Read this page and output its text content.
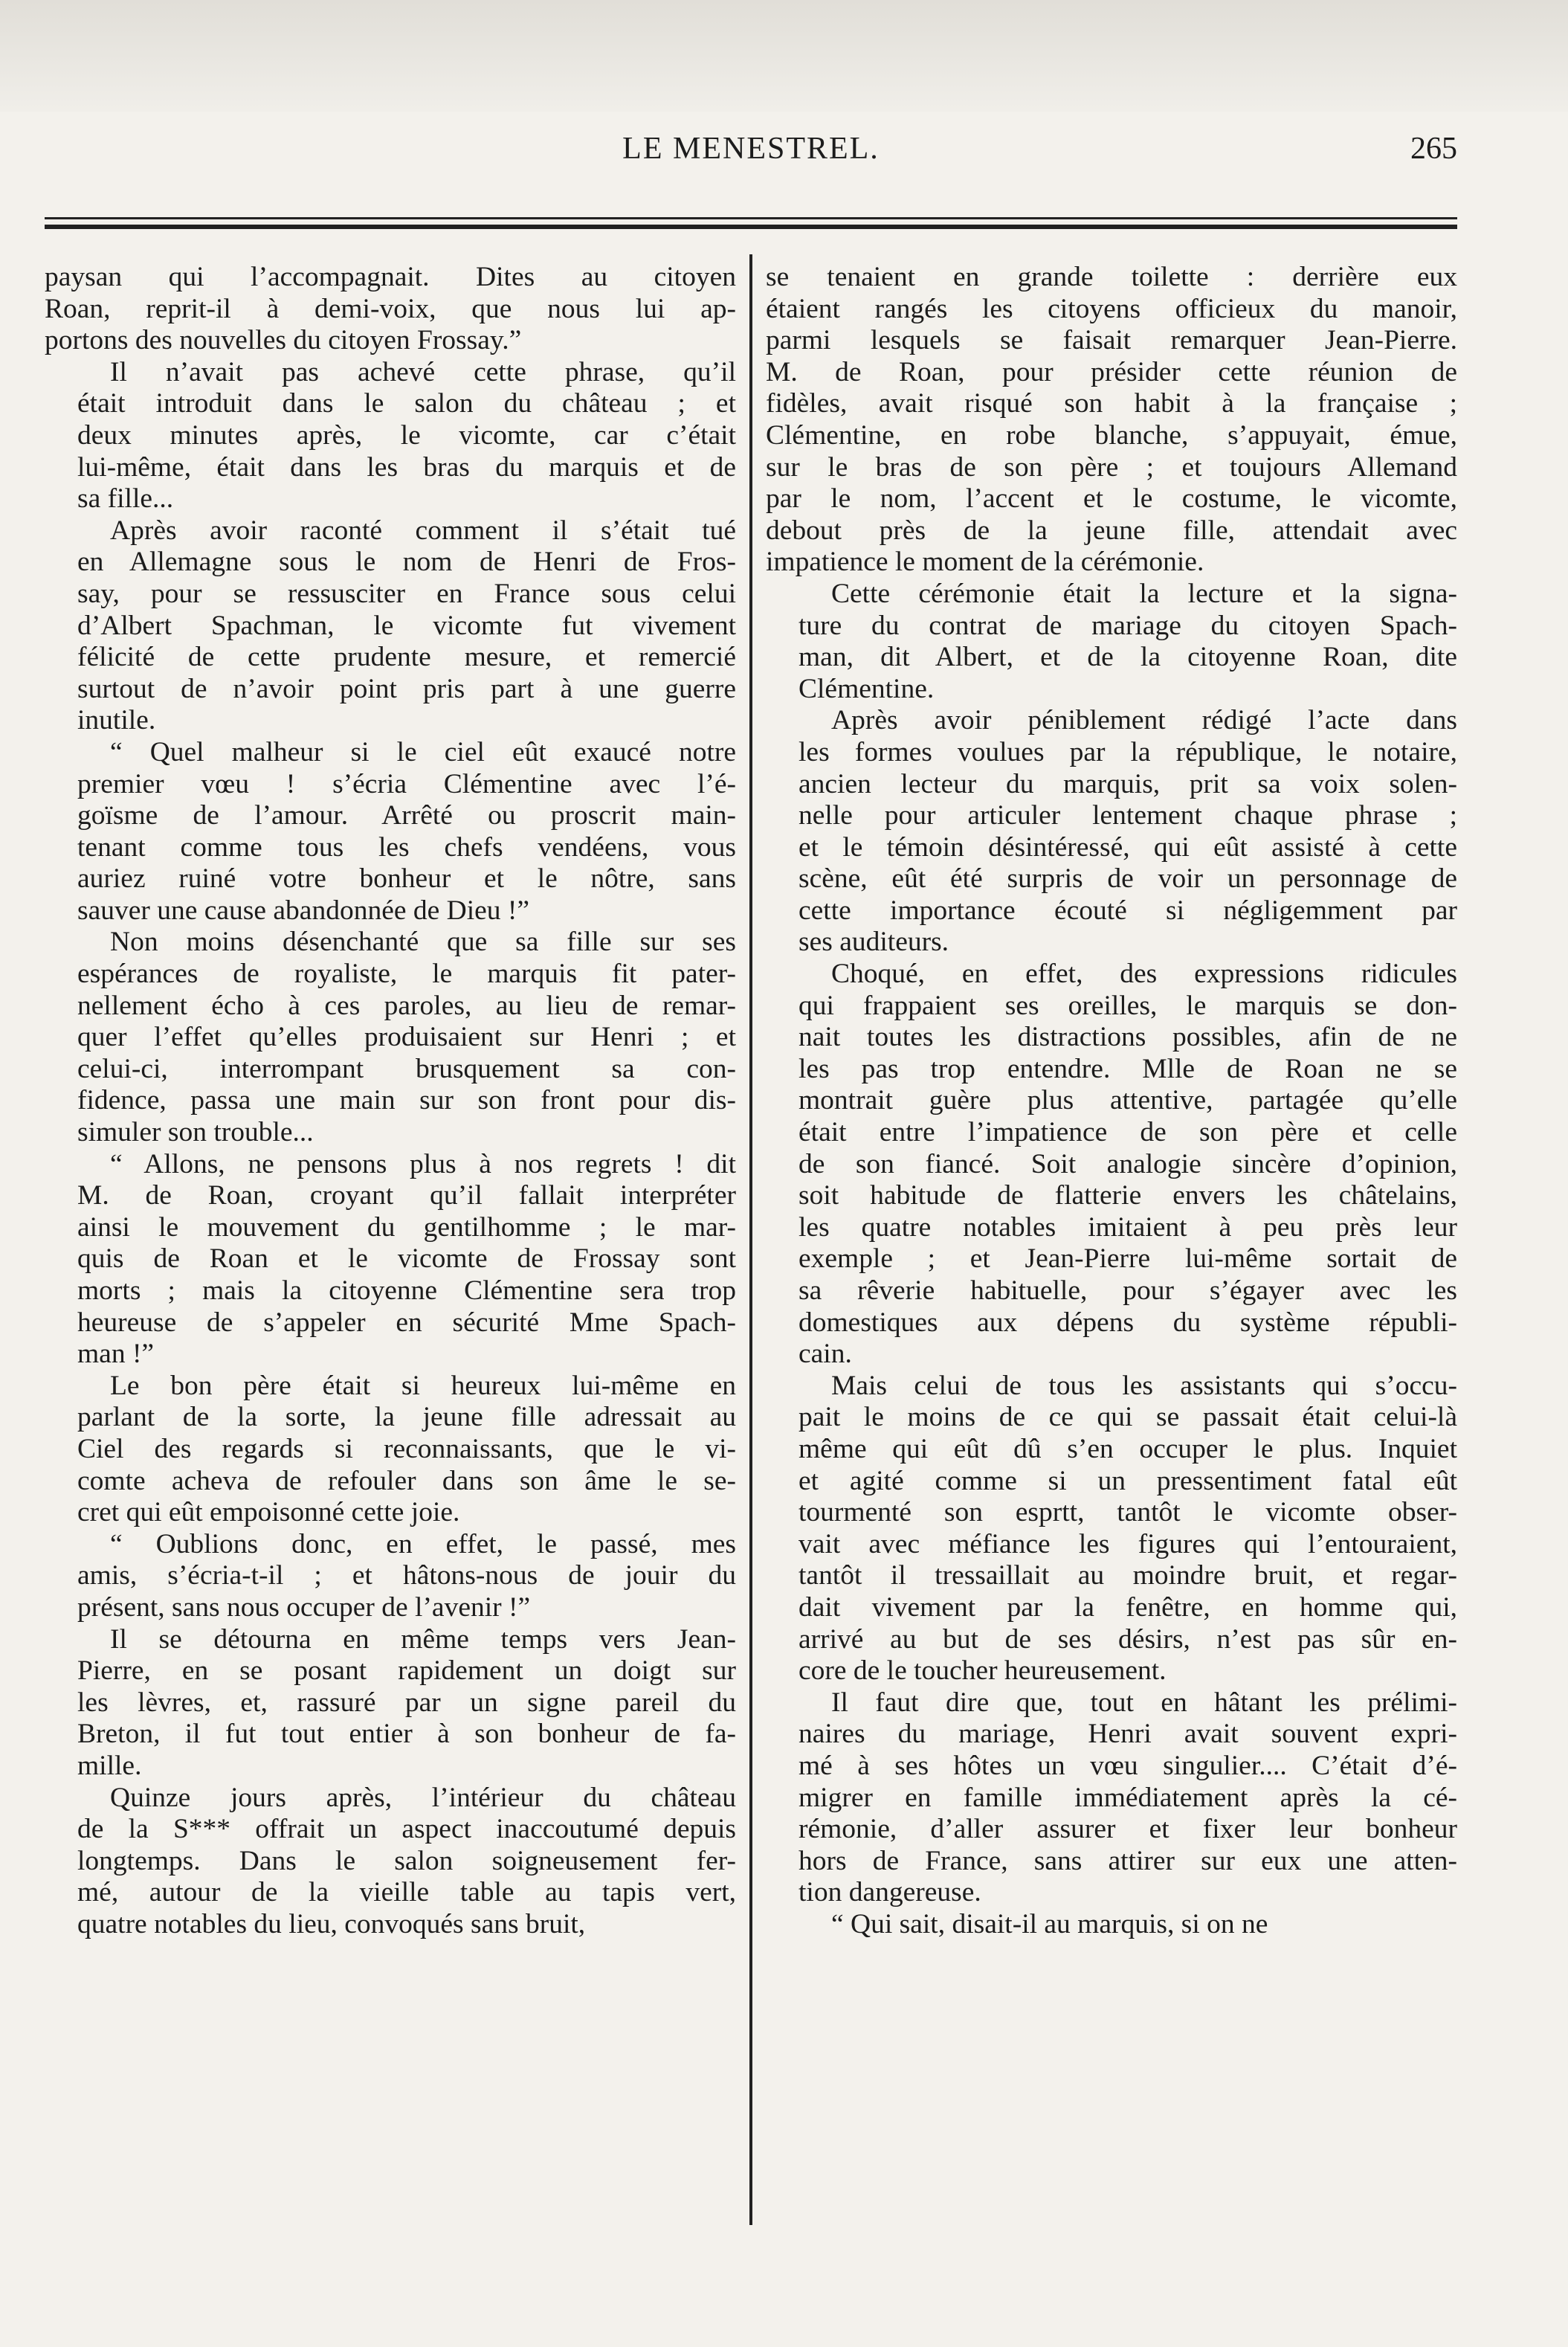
LE MENESTREL.	265
paysan qui l’accompagnait. Dites au citoyen
Roan, reprit-il à demi-voix, que nous lui ap-
portons des nouvelles du citoyen Frossay.”
Il n’avait pas achevé cette phrase, qu’il
était introduit dans le salon du château ; et
deux minutes après, le vicomte, car c’était
lui-même, était dans les bras du marquis et de
sa fille...
Après avoir raconté comment il s’était tué
en Allemagne sous le nom de Henri de Fros-
say, pour se ressusciter en France sous celui
d’Albert Spachman, le vicomte fut vivement
félicité de cette prudente mesure, et remercié
surtout de n’avoir point pris part à une guerre
inutile.
“ Quel malheur si le ciel eût exaucé notre
premier vœu ! s’écria Clémentine avec l’é-
goïsme de l’amour. Arrêté ou proscrit main-
tenant comme tous les chefs vendéens, vous
auriez ruiné votre bonheur et le nôtre, sans
sauver une cause abandonnée de Dieu !”
Non moins désenchanté que sa fille sur ses
espérances de royaliste, le marquis fit pater-
nellement écho à ces paroles, au lieu de remar-
quer l’effet qu’elles produisaient sur Henri ; et
celui-ci, interrompant brusquement sa con-
fidence, passa une main sur son front pour dis-
simuler son trouble...
“ Allons, ne pensons plus à nos regrets ! dit
M. de Roan, croyant qu’il fallait interpréter
ainsi le mouvement du gentilhomme ; le mar-
quis de Roan et le vicomte de Frossay sont
morts ; mais la citoyenne Clémentine sera trop
heureuse de s’appeler en sécurité Mme Spach-
man !”
Le bon père était si heureux lui-même en
parlant de la sorte, la jeune fille adressait au
Ciel des regards si reconnaissants, que le vi-
comte acheva de refouler dans son âme le se-
cret qui eût empoisonné cette joie.
“ Oublions donc, en effet, le passé, mes
amis, s’écria-t-il ; et hâtons-nous de jouir du
présent, sans nous occuper de l’avenir !”
Il se détourna en même temps vers Jean-
Pierre, en se posant rapidement un doigt sur
les lèvres, et, rassuré par un signe pareil du
Breton, il fut tout entier à son bonheur de fa-
mille.
Quinze jours après, l’intérieur du château
de la S*** offrait un aspect inaccoutumé depuis
longtemps. Dans le salon soigneusement fer-
mé, autour de la vieille table au tapis vert,
quatre notables du lieu, convoqués sans bruit,
se tenaient en grande toilette : derrière eux
étaient rangés les citoyens officieux du manoir,
parmi lesquels se faisait remarquer Jean-Pierre.
M. de Roan, pour présider cette réunion de
fidèles, avait risqué son habit à la française ;
Clémentine, en robe blanche, s’appuyait, émue,
sur le bras de son père ; et toujours Allemand
par le nom, l’accent et le costume, le vicomte,
debout près de la jeune fille, attendait avec
impatience le moment de la cérémonie.
Cette cérémonie était la lecture et la signa-
ture du contrat de mariage du citoyen Spach-
man, dit Albert, et de la citoyenne Roan, dite
Clémentine.
Après avoir péniblement rédigé l’acte dans
les formes voulues par la république, le notaire,
ancien lecteur du marquis, prit sa voix solen-
nelle pour articuler lentement chaque phrase ;
et le témoin désintéressé, qui eût assisté à cette
scène, eût été surpris de voir un personnage de
cette importance écouté si négligemment par
ses auditeurs.
Choqué, en effet, des expressions ridicules
qui frappaient ses oreilles, le marquis se don-
nait toutes les distractions possibles, afin de ne
les pas trop entendre. Mlle de Roan ne se
montrait guère plus attentive, partagée qu’elle
était entre l’impatience de son père et celle
de son fiancé. Soit analogie sincère d’opinion,
soit habitude de flatterie envers les châtelains,
les quatre notables imitaient à peu près leur
exemple ; et Jean-Pierre lui-même sortait de
sa rêverie habituelle, pour s’égayer avec les
domestiques aux dépens du système républi-
cain.
Mais celui de tous les assistants qui s’occu-
pait le moins de ce qui se passait était celui-là
même qui eût dû s’en occuper le plus. Inquiet
et agité comme si un pressentiment fatal eût
tourmenté son esprtt, tantôt le vicomte obser-
vait avec méfiance les figures qui l’entouraient,
tantôt il tressaillait au moindre bruit, et regar-
dait vivement par la fenêtre, en homme qui,
arrivé au but de ses désirs, n’est pas sûr en-
core de le toucher heureusement.
Il faut dire que, tout en hâtant les prélimi-
naires du mariage, Henri avait souvent expri-
mé à ses hôtes un vœu singulier.... C’était d’é-
migrer en famille immédiatement après la cé-
rémonie, d’aller assurer et fixer leur bonheur
hors de France, sans attirer sur eux une atten-
tion dangereuse.
“ Qui sait, disait-il au marquis, si on ne
